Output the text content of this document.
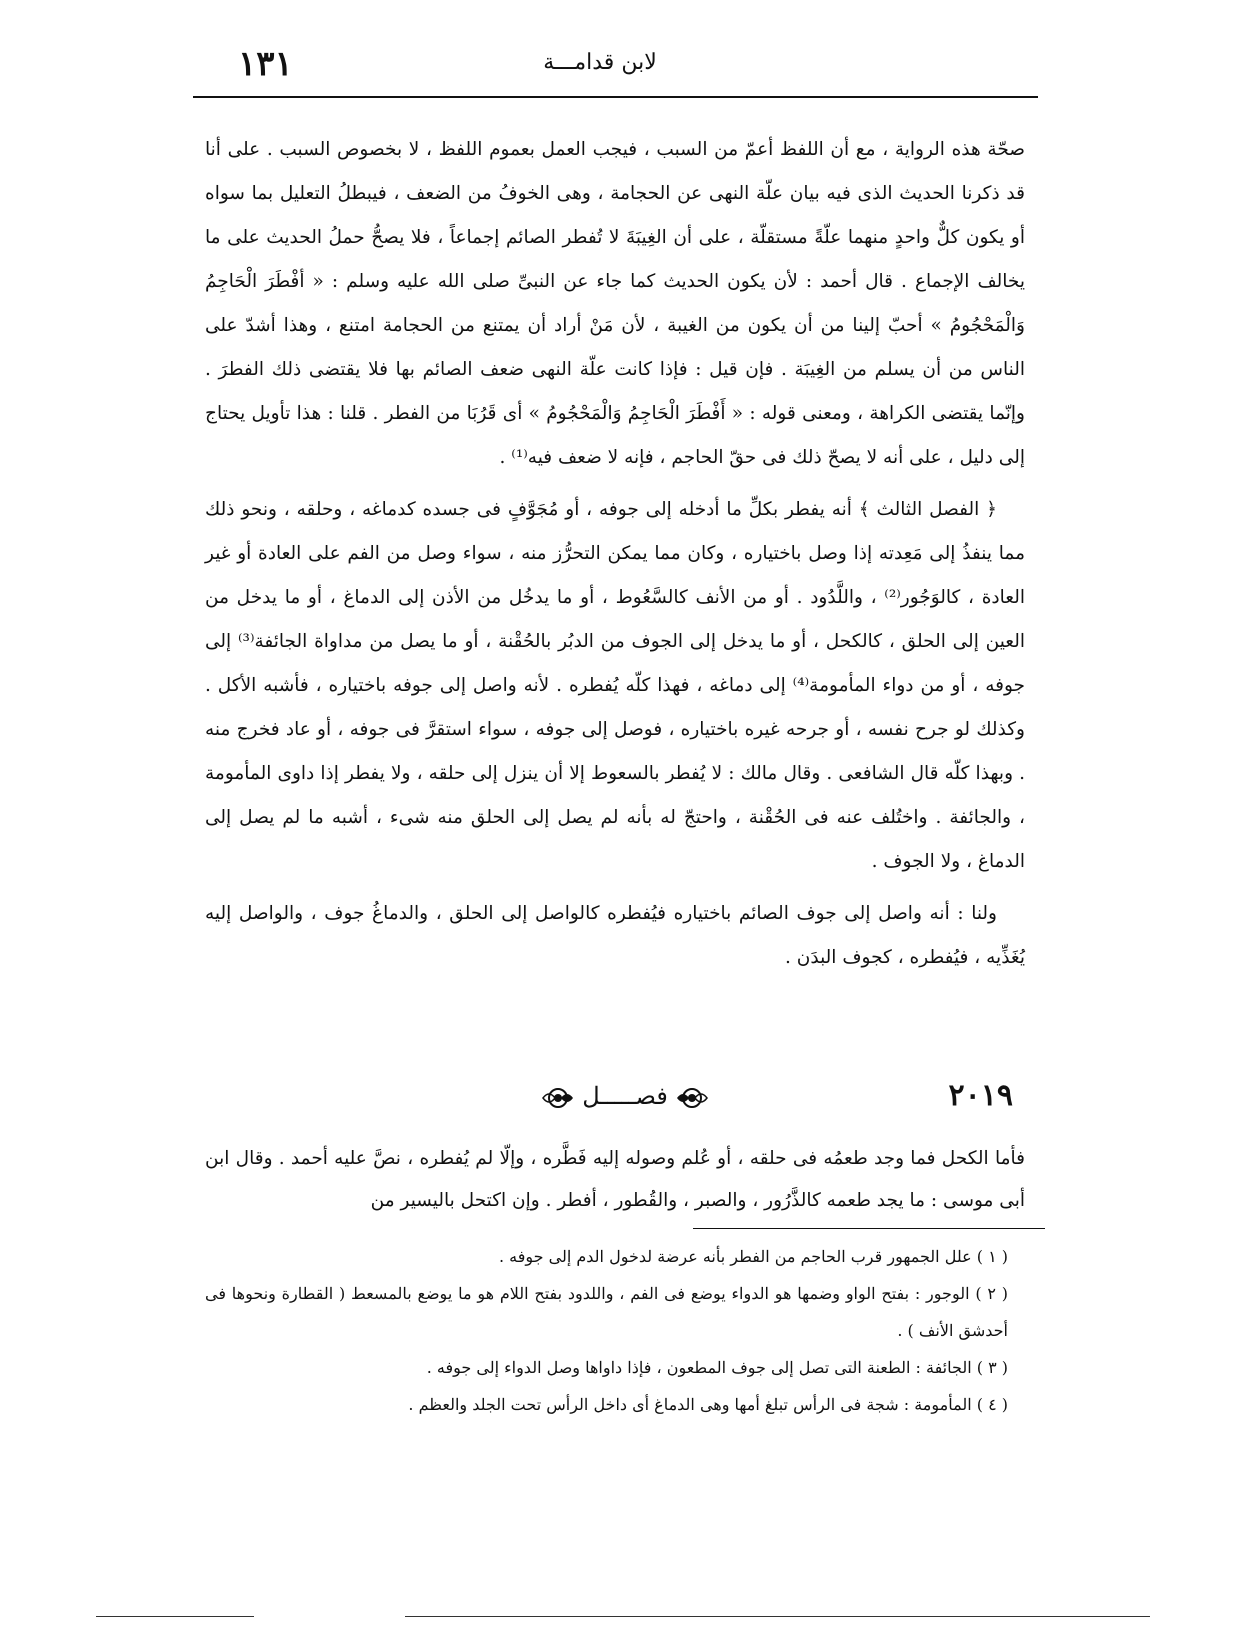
١٣١	لابن قدامـــة

صحّة هذه الرواية ، مع أن اللفظ أعمّ من السبب ، فيجب العمل بعموم اللفظ ، لا بخصوص السبب . على أنا قد ذكرنا الحديث الذى فيه بيان علّة النهى عن الحجامة ، وهى الخوفُ من الضعف ، فيبطلُ التعليل بما سواه أو يكون كلٌّ واحدٍ منهما علّةً مستقلّة ، على أن الغِيبَةَ لا تُفطر الصائم إجماعاً ، فلا يصحُّ حملُ الحديث على ما يخالف الإجماع . قال أحمد : لأن يكون الحديث كما جاء عن النبىِّ صلى الله عليه وسلم : « أفْطَرَ الْحَاجِمُ وَالْمَحْجُومُ » أحبّ إلينا من أن يكون من الغيبة ، لأن مَنْ أراد أن يمتنع من الحجامة امتنع ، وهذا أشدّ على الناس من أن يسلم من الغِيبَة . فإن قيل : فإذا كانت علّة النهى ضعف الصائم بها فلا يقتضى ذلك الفطرَ . وإنّما يقتضى الكراهة ، ومعنى قوله : « أَفْطَرَ الْحَاجِمُ وَالْمَحْجُومُ » أى قَرُبَا من الفطر . قلنا : هذا تأويل يحتاج إلى دليل ، على أنه لا يصحّ ذلك فى حقّ الحاجم ، فإنه لا ضعف فيه⁽¹⁾ .

﴿ الفصل الثالث ﴾ أنه يفطر بكلِّ ما أدخله إلى جوفه ، أو مُجَوَّفٍ فى جسده كدماغه ، وحلقه ، ونحو ذلك مما ينفذُ إلى مَعِدته إذا وصل باختياره ، وكان مما يمكن التحرُّز منه ، سواء وصل من الفم على العادة أو غير العادة ، كالوَجُور⁽²⁾ ، واللَّدُود . أو من الأنف كالسَّعُوط ، أو ما يدخُل من الأذن إلى الدماغ ، أو ما يدخل من العين إلى الحلق ، كالكحل ، أو ما يدخل إلى الجوف من الدبُر بالحُقْنة ، أو ما يصل من مداواة الجائفة⁽³⁾ إلى جوفه ، أو من دواء المأمومة⁽⁴⁾ إلى دماغه ، فهذا كلّه يُفطره . لأنه واصل إلى جوفه باختياره ، فأشبه الأكل . وكذلك لو جرح نفسه ، أو جرحه غيره باختياره ، فوصل إلى جوفه ، سواء استقرَّ فى جوفه ، أو عاد فخرج منه . وبهذا كلّه قال الشافعى . وقال مالك : لا يُفطر بالسعوط إلا أن ينزل إلى حلقه ، ولا يفطر إذا داوى المأمومة ، والجائفة . واختُلف عنه فى الحُقْنة ، واحتجّ له بأنه لم يصل إلى الحلق منه شىء ، أشبه ما لم يصل إلى الدماغ ، ولا الجوف .

ولنا : أنه واصل إلى جوف الصائم باختياره فيُفطره كالواصل إلى الحلق ، والدماغُ جوف ، والواصل إليه يُغَذِّيه ، فيُفطره ، كجوف البدَن .

٢٠١٩
فصـــــل

فأما الكحل فما وجد طعمُه فى حلقه ، أو عُلم وصوله إليه فَطَّره ، وإلّا لم يُفطره ، نصَّ عليه أحمد . وقال ابن أبى موسى : ما يجد طعمه كالذَّرُور ، والصبر ، والقُطور ، أفطر . وإن اكتحل باليسير من

( ١ ) علل الجمهور قرب الحاجم من الفطر بأنه عرضة لدخول الدم إلى جوفه .

( ٢ ) الوجور : بفتح الواو وضمها هو الدواء يوضع فى الفم ، واللدود بفتح اللام هو ما يوضع بالمسعط ( القطارة ونحوها فى أحدشق الأنف ) .

( ٣ ) الجائفة : الطعنة التى تصل إلى جوف المطعون ، فإذا داواها وصل الدواء إلى جوفه .

( ٤ ) المأمومة : شجة فى الرأس تبلغ أمها وهى الدماغ أى داخل الرأس تحت الجلد والعظم .
